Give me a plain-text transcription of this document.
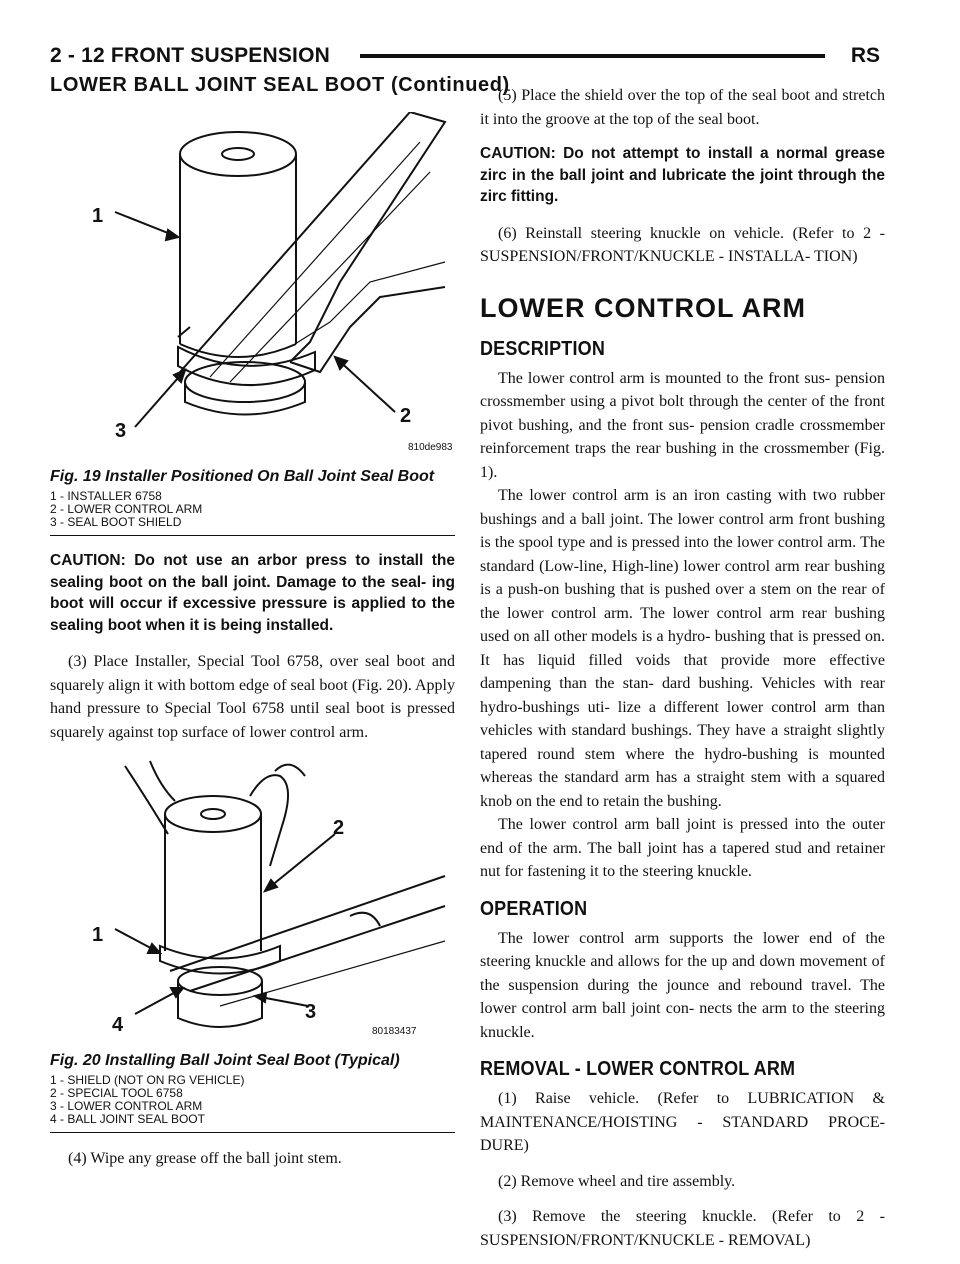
2 - 12 FRONT SUSPENSION	RS
LOWER BALL JOINT SEAL BOOT (Continued)
1
2
3
810de983
Fig. 19 Installer Positioned On Ball Joint Seal Boot
1 - INSTALLER 6758
2 - LOWER CONTROL ARM
3 - SEAL BOOT SHIELD

CAUTION: Do not use an arbor press to install the sealing boot on the ball joint. Damage to the seal- ing boot will occur if excessive pressure is applied to the sealing boot when it is being installed.

(3) Place Installer, Special Tool 6758, over seal boot and squarely align it with bottom edge of seal boot (Fig. 20). Apply hand pressure to Special Tool 6758 until seal boot is pressed squarely against top surface of lower control arm.

1
2
3
4	80183437
Fig. 20 Installing Ball Joint Seal Boot (Typical)
1 - SHIELD (NOT ON RG VEHICLE)
2 - SPECIAL TOOL 6758
3 - LOWER CONTROL ARM
4 - BALL JOINT SEAL BOOT

(4) Wipe any grease off the ball joint stem.

(5) Place the shield over the top of the seal boot and stretch it into the groove at the top of the seal boot.

CAUTION: Do not attempt to install a normal grease zirc in the ball joint and lubricate the joint through the zirc fitting.

(6) Reinstall steering knuckle on vehicle. (Refer to 2 - SUSPENSION/FRONT/KNUCKLE - INSTALLA- TION)

LOWER CONTROL ARM
DESCRIPTION

The lower control arm is mounted to the front sus- pension crossmember using a pivot bolt through the center of the front pivot bushing, and the front sus- pension cradle crossmember reinforcement traps the rear bushing in the crossmember (Fig. 1).

The lower control arm is an iron casting with two rubber bushings and a ball joint. The lower control arm front bushing is the spool type and is pressed into the lower control arm. The standard (Low-line, High-line) lower control arm rear bushing is a push-on bushing that is pushed over a stem on the rear of the lower control arm. The lower control arm rear bushing used on all other models is a hydro- bushing that is pressed on. It has liquid filled voids that provide more effective dampening than the stan- dard bushing. Vehicles with rear hydro-bushings uti- lize a different lower control arm than vehicles with standard bushings. They have a straight slightly tapered round stem where the hydro-bushing is mounted whereas the standard arm has a straight stem with a squared knob on the end to retain the bushing.

The lower control arm ball joint is pressed into the outer end of the arm. The ball joint has a tapered stud and retainer nut for fastening it to the steering knuckle.

OPERATION

The lower control arm supports the lower end of the steering knuckle and allows for the up and down movement of the suspension during the jounce and rebound travel. The lower control arm ball joint con- nects the arm to the steering knuckle.

REMOVAL - LOWER CONTROL ARM

(1) Raise vehicle. (Refer to LUBRICATION & MAINTENANCE/HOISTING - STANDARD PROCE- DURE)

(2) Remove wheel and tire assembly.

(3) Remove the steering knuckle. (Refer to 2 - SUSPENSION/FRONT/KNUCKLE - REMOVAL)
